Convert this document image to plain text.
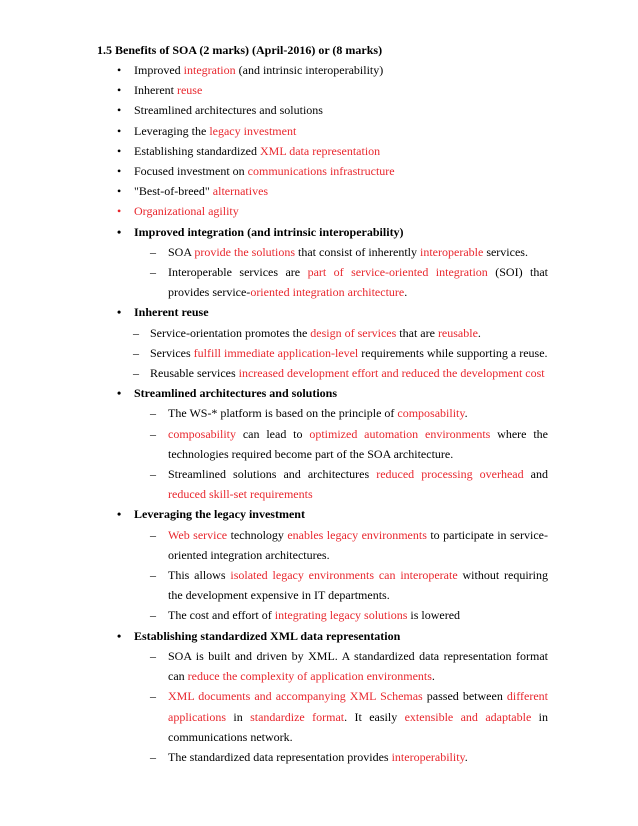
1.5 Benefits of SOA (2 marks) (April-2016) or (8 marks)
• Improved integration (and intrinsic interoperability)
• Inherent reuse
• Streamlined architectures and solutions
• Leveraging the legacy investment
• Establishing standardized XML data representation
• Focused investment on communications infrastructure
• "Best-of-breed" alternatives
• Organizational agility
• Improved integration (and intrinsic interoperability)
– SOA provide the solutions that consist of inherently interoperable services.
– Interoperable services are part of service-oriented integration (SOI) that provides service-oriented integration architecture.
• Inherent reuse
– Service-orientation promotes the design of services that are reusable.
– Services fulfill immediate application-level requirements while supporting a reuse.
– Reusable services increased development effort and reduced the development cost
• Streamlined architectures and solutions
– The WS-* platform is based on the principle of composability.
– composability can lead to optimized automation environments where the technologies required become part of the SOA architecture.
– Streamlined solutions and architectures reduced processing overhead and reduced skill-set requirements
• Leveraging the legacy investment
– Web service technology enables legacy environments to participate in service-oriented integration architectures.
– This allows isolated legacy environments can interoperate without requiring the development expensive in IT departments.
– The cost and effort of integrating legacy solutions is lowered
• Establishing standardized XML data representation
– SOA is built and driven by XML. A standardized data representation format can reduce the complexity of application environments.
– XML documents and accompanying XML Schemas passed between different applications in standardize format. It easily extensible and adaptable in communications network.
– The standardized data representation provides interoperability.
